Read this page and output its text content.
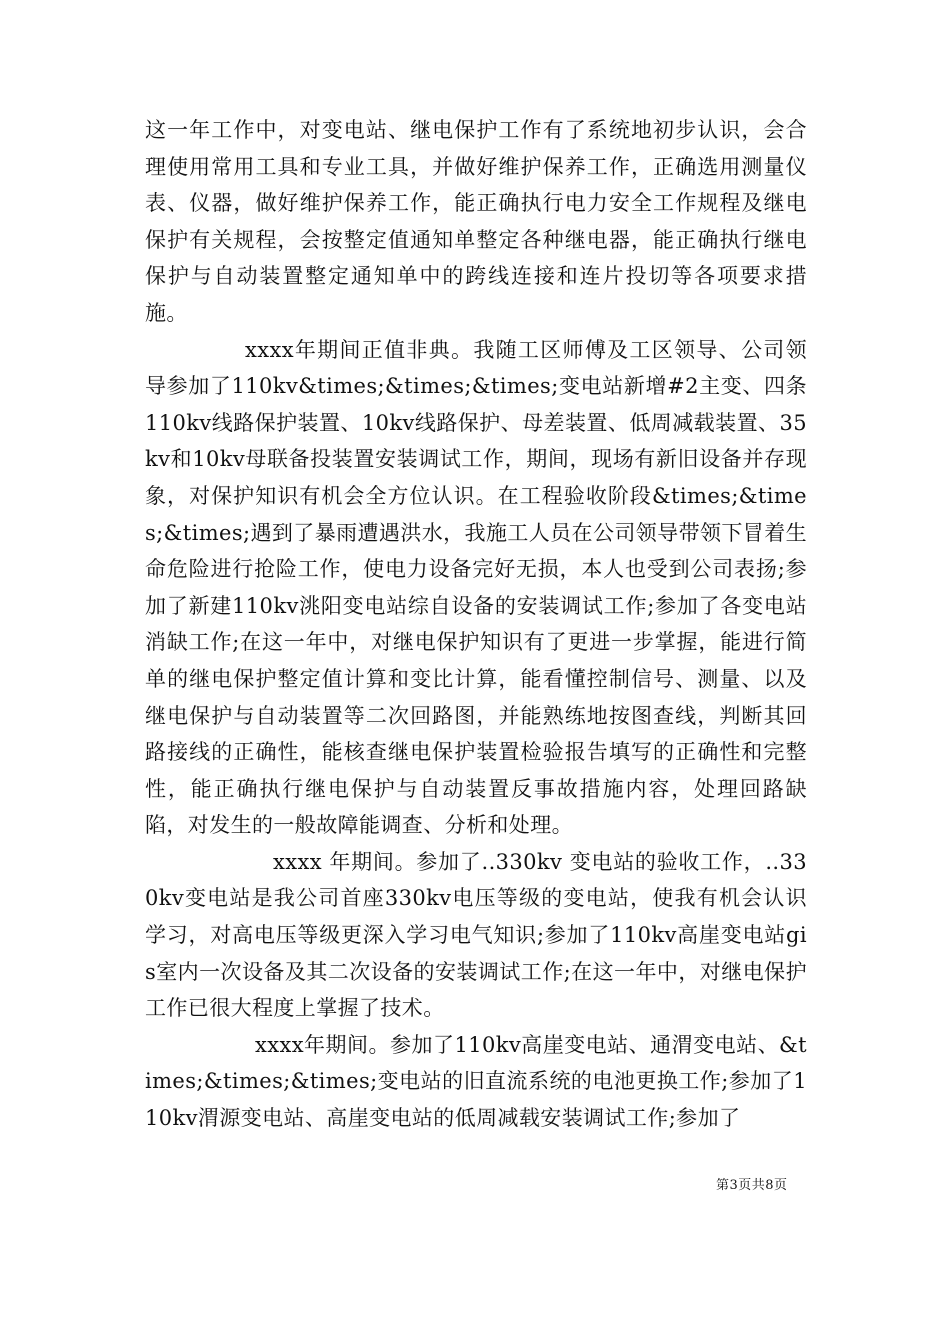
这一年工作中，对变电站、继电保护工作有了系统地初步认识，会合理使用常用工具和专业工具，并做好维护保养工作，正确选用测量仪表、仪器，做好维护保养工作，能正确执行电力安全工作规程及继电保护有关规程，会按整定值通知单整定各种继电器，能正确执行继电保护与自动装置整定通知单中的跨线连接和连片投切等各项要求措施。

xxxx年期间正值非典。我随工区师傅及工区领导、公司领导参加了110kv&times;&times;&times;变电站新增#2主变、四条110kv线路保护装置、10kv线路保护、母差装置、低周减载装置、35kv和10kv母联备投装置安装调试工作，期间，现场有新旧设备并存现象，对保护知识有机会全方位认识。在工程验收阶段&times;&times;&times;遇到了暴雨遭遇洪水，我施工人员在公司领导带领下冒着生命危险进行抢险工作，使电力设备完好无损，本人也受到公司表扬;参加了新建110kv洮阳变电站综自设备的安装调试工作;参加了各变电站消缺工作;在这一年中，对继电保护知识有了更进一步掌握，能进行简单的继电保护整定值计算和变比计算，能看懂控制信号、测量、以及继电保护与自动装置等二次回路图，并能熟练地按图查线，判断其回路接线的正确性，能核查继电保护装置检验报告填写的正确性和完整性，能正确执行继电保护与自动装置反事故措施内容，处理回路缺陷，对发生的一般故障能调查、分析和处理。

xxxx 年期间。参加了..330kv 变电站的验收工作，..330kv变电站是我公司首座330kv电压等级的变电站，使我有机会认识学习，对高电压等级更深入学习电气知识;参加了110kv高崖变电站gis室内一次设备及其二次设备的安装调试工作;在这一年中，对继电保护工作已很大程度上掌握了技术。

xxxx年期间。参加了110kv高崖变电站、通渭变电站、&times;&times;&times;变电站的旧直流系统的电池更换工作;参加了110kv渭源变电站、高崖变电站的低周减载安装调试工作;参加了

第3页共8页
